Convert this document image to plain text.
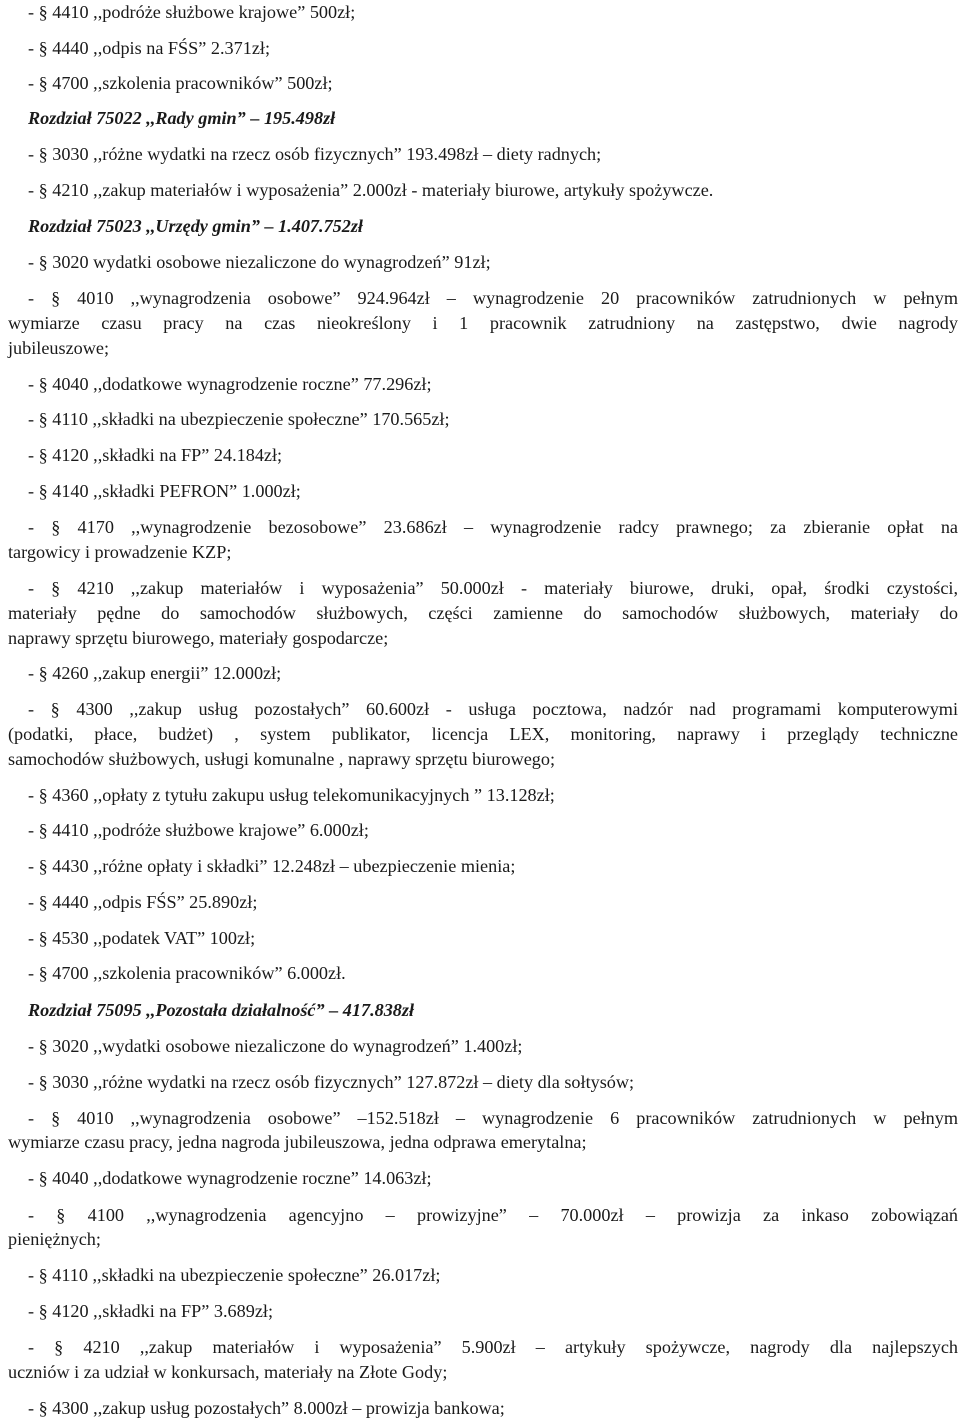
- § 4410 ,,podróże służbowe krajowe” 500zł;
- § 4440 ,,odpis na FŚS” 2.371zł;
- § 4700 ,,szkolenia pracowników” 500zł;
Rozdział 75022 ,,Rady gmin” – 195.498zł
- § 3030 ,,różne wydatki na rzecz osób fizycznych” 193.498zł – diety radnych;
- § 4210 ,,zakup materiałów i wyposażenia” 2.000zł - materiały biurowe, artykuły spożywcze.
Rozdział 75023 ,,Urzędy gmin” – 1.407.752zł
- § 3020 wydatki osobowe niezaliczone do wynagrodzeń” 91zł;
- § 4010 ,,wynagrodzenia osobowe” 924.964zł – wynagrodzenie 20 pracowników zatrudnionych w pełnym
wymiarze czasu pracy na czas nieokreślony i 1 pracownik zatrudniony na zastępstwo, dwie nagrody
jubileuszowe;
- § 4040 ,,dodatkowe wynagrodzenie roczne” 77.296zł;
- § 4110 ,,składki na ubezpieczenie społeczne” 170.565zł;
- § 4120 ,,składki na FP” 24.184zł;
- § 4140 ,,składki PEFRON” 1.000zł;
- § 4170 ,,wynagrodzenie bezosobowe” 23.686zł – wynagrodzenie radcy prawnego; za zbieranie opłat na
targowicy i prowadzenie KZP;
- § 4210 ,,zakup materiałów i wyposażenia” 50.000zł - materiały biurowe, druki, opał, środki czystości,
materiały pędne do samochodów służbowych, części zamienne do samochodów służbowych, materiały do
naprawy sprzętu biurowego, materiały gospodarcze;
- § 4260 ,,zakup energii” 12.000zł;
- § 4300 ,,zakup usług pozostałych” 60.600zł - usługa pocztowa, nadzór nad programami komputerowymi
(podatki, płace, budżet) , system publikator, licencja LEX, monitoring, naprawy i przeglądy techniczne
samochodów służbowych, usługi komunalne , naprawy sprzętu biurowego;
- § 4360 ,,opłaty z tytułu zakupu usług telekomunikacyjnych ” 13.128zł;
- § 4410 ,,podróże służbowe krajowe” 6.000zł;
- § 4430 ,,różne opłaty i składki” 12.248zł – ubezpieczenie mienia;
- § 4440 ,,odpis FŚS” 25.890zł;
- § 4530 ,,podatek VAT” 100zł;
- § 4700 ,,szkolenia pracowników” 6.000zł.
Rozdział 75095 ,,Pozostała działalność” – 417.838zł
- § 3020 ,,wydatki osobowe niezaliczone do wynagrodzeń” 1.400zł;
- § 3030 ,,różne wydatki na rzecz osób fizycznych” 127.872zł – diety dla sołtysów;
- § 4010 ,,wynagrodzenia osobowe” –152.518zł – wynagrodzenie 6 pracowników zatrudnionych w pełnym
wymiarze czasu pracy, jedna nagroda jubileuszowa, jedna odprawa emerytalna;
- § 4040 ,,dodatkowe wynagrodzenie roczne” 14.063zł;
- § 4100 ,,wynagrodzenia agencyjno – prowizyjne” – 70.000zł – prowizja za inkaso zobowiązań
pieniężnych;
- § 4110 ,,składki na ubezpieczenie społeczne” 26.017zł;
- § 4120 ,,składki na FP” 3.689zł;
- § 4210 ,,zakup materiałów i wyposażenia” 5.900zł – artykuły spożywcze, nagrody dla najlepszych
uczniów i za udział w konkursach, materiały na Złote Gody;
- § 4300 ,,zakup usług pozostałych” 8.000zł – prowizja bankowa;
